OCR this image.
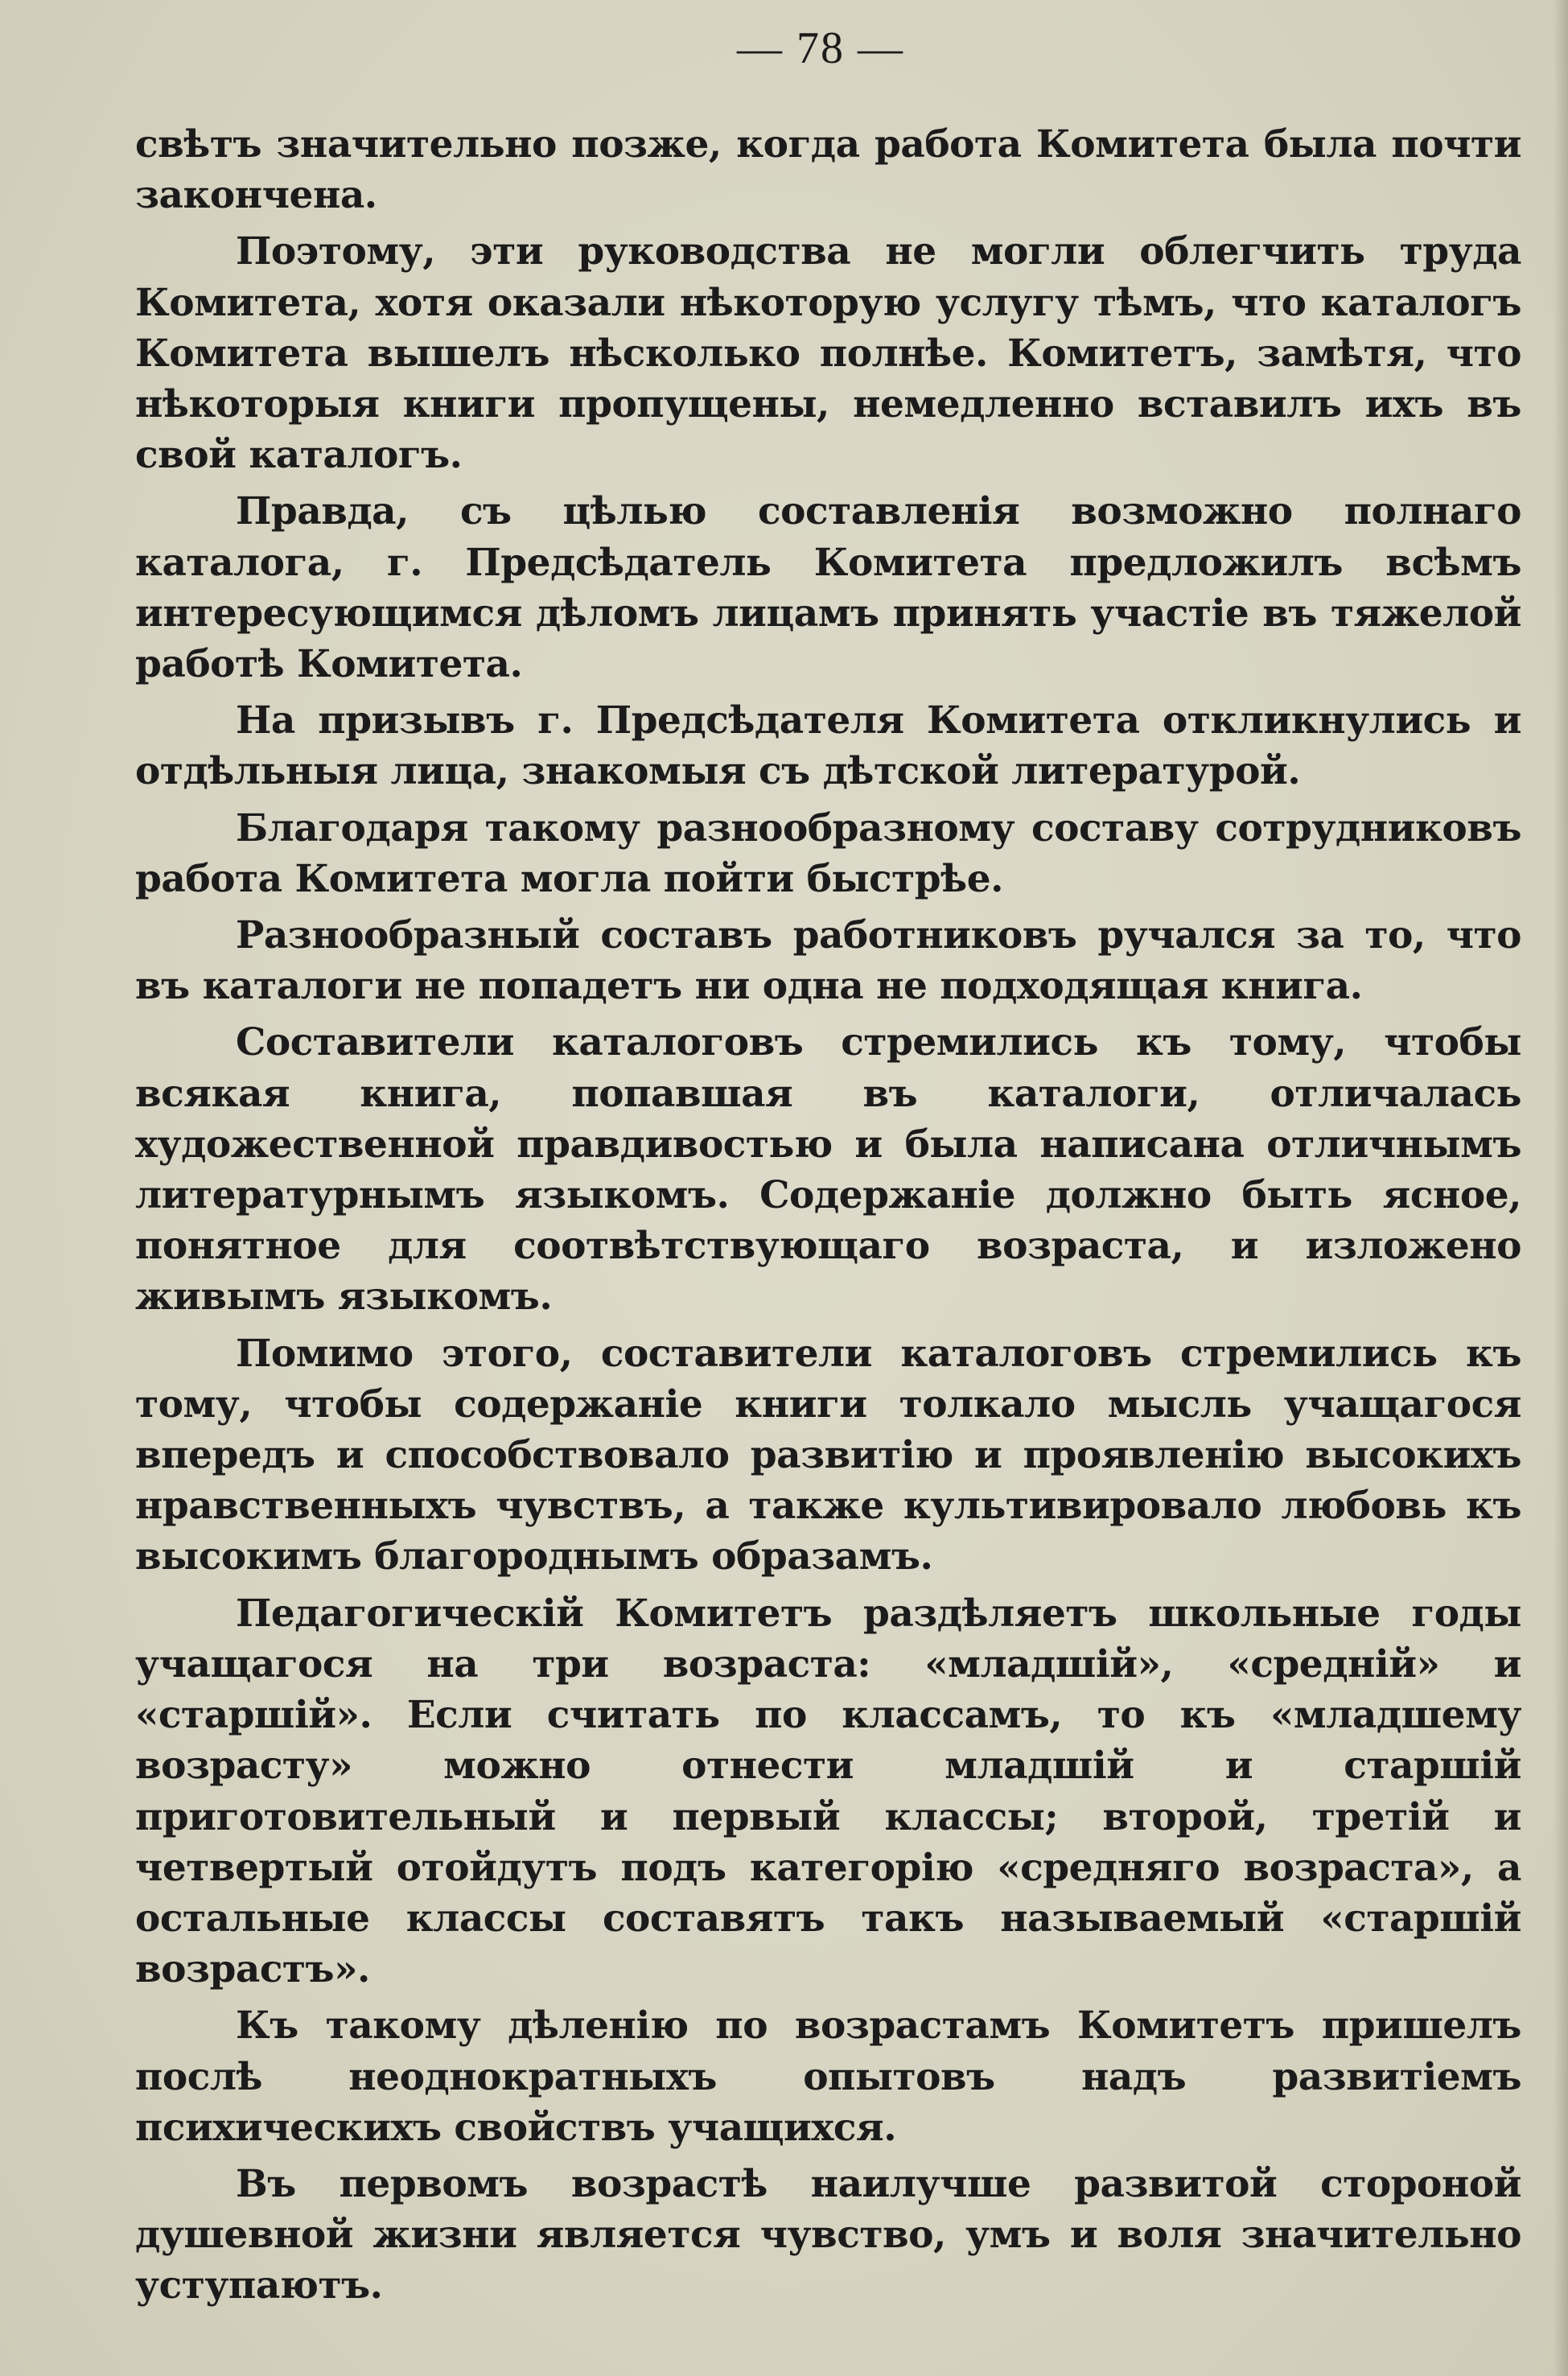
— 78 —

свѣтъ значительно позже, когда работа Комитета была почти закончена.

Поэтому, эти руководства не могли облегчить труда Комитета, хотя оказали нѣкоторую услугу тѣмъ, что каталогъ Комитета вышелъ нѣсколько полнѣе. Комитетъ, замѣтя, что нѣкоторыя книги пропущены, немедленно вставилъ ихъ въ свой каталогъ.

Правда, съ цѣлью составленія возможно полнаго каталога, г. Предсѣдатель Комитета предложилъ всѣмъ интересующимся дѣломъ лицамъ принять участіе въ тяжелой работѣ Комитета.

На призывъ г. Предсѣдателя Комитета откликнулись и отдѣльныя лица, знакомыя съ дѣтской литературой.

Благодаря такому разнообразному составу сотрудниковъ работа Комитета могла пойти быстрѣе.

Разнообразный составъ работниковъ ручался за то, что въ каталоги не попадетъ ни одна не подходящая книга.

Составители каталоговъ стремились къ тому, чтобы всякая книга, попавшая въ каталоги, отличалась художественной правдивостью и была написана отличнымъ литературнымъ языкомъ. Содержаніе должно быть ясное, понятное для соотвѣтствующаго возраста, и изложено живымъ языкомъ.

Помимо этого, составители каталоговъ стремились къ тому, чтобы содержаніе книги толкало мысль учащагося впередъ и способствовало развитію и проявленію высокихъ нравственныхъ чувствъ, а также культивировало любовь къ высокимъ благороднымъ образамъ.

Педагогическій Комитетъ раздѣляетъ школьные годы учащагося на три возраста: «младшій», «средній» и «старшій». Если считать по классамъ, то къ «младшему возрасту» можно отнести младшій и старшій приготовительный и первый классы; второй, третій и четвертый отойдутъ подъ категорію «средняго возраста», а остальные классы составятъ такъ называемый «старшій возрастъ».

Къ такому дѣленію по возрастамъ Комитетъ пришелъ послѣ неоднократныхъ опытовъ надъ развитіемъ психическихъ свойствъ учащихся.

Въ первомъ возрастѣ наилучше развитой стороной душевной жизни является чувство, умъ и воля значительно уступаютъ.
